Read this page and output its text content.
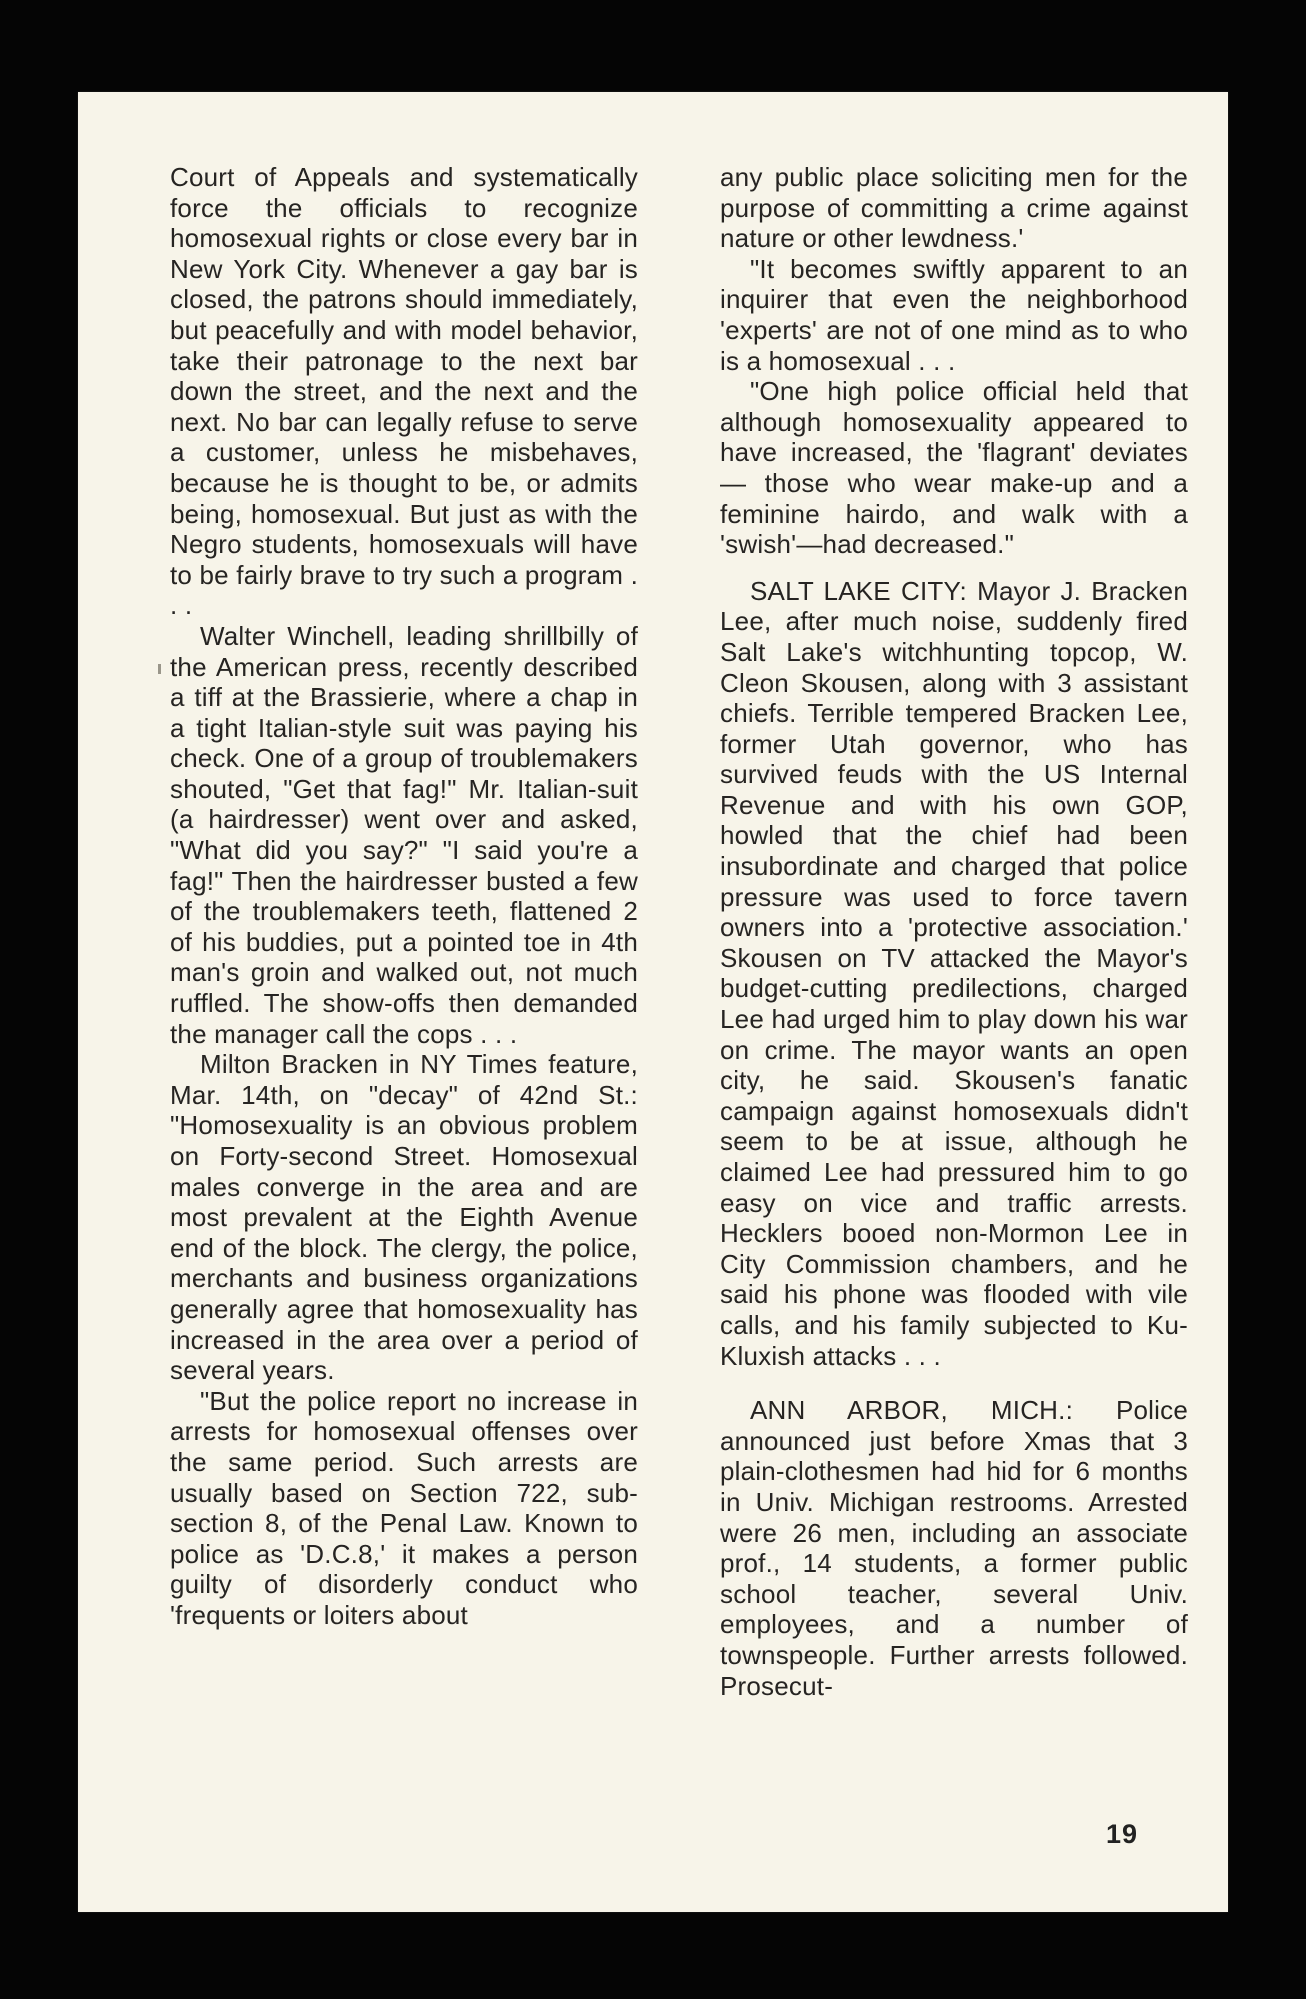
Court of Appeals and systematically force the officials to recognize homosexual rights or close every bar in New York City. Whenever a gay bar is closed, the patrons should immediately, but peacefully and with model behavior, take their patronage to the next bar down the street, and the next and the next. No bar can legally refuse to serve a customer, unless he misbehaves, because he is thought to be, or admits being, homosexual. But just as with the Negro students, homosexuals will have to be fairly brave to try such a program . . .

Walter Winchell, leading shrillbilly of the American press, recently described a tiff at the Brassierie, where a chap in a tight Italian-style suit was paying his check. One of a group of troublemakers shouted, "Get that fag!" Mr. Italian-suit (a hairdresser) went over and asked, "What did you say?" "I said you're a fag!" Then the hairdresser busted a few of the troublemakers teeth, flattened 2 of his buddies, put a pointed toe in 4th man's groin and walked out, not much ruffled. The show-offs then demanded the manager call the cops . . .

Milton Bracken in NY Times feature, Mar. 14th, on "decay" of 42nd St.: "Homosexuality is an obvious problem on Forty-second Street. Homosexual males converge in the area and are most prevalent at the Eighth Avenue end of the block. The clergy, the police, merchants and business organizations generally agree that homosexuality has increased in the area over a period of several years.

"But the police report no increase in arrests for homosexual offenses over the same period. Such arrests are usually based on Section 722, sub-section 8, of the Penal Law. Known to police as 'D.C.8,' it makes a person guilty of disorderly conduct who 'frequents or loiters about

any public place soliciting men for the purpose of committing a crime against nature or other lewdness.'

"It becomes swiftly apparent to an inquirer that even the neighborhood 'experts' are not of one mind as to who is a homosexual . . .

"One high police official held that although homosexuality appeared to have increased, the 'flagrant' deviates — those who wear make-up and a feminine hairdo, and walk with a 'swish'—had decreased."

SALT LAKE CITY: Mayor J. Bracken Lee, after much noise, suddenly fired Salt Lake's witchhunting topcop, W. Cleon Skousen, along with 3 assistant chiefs. Terrible tempered Bracken Lee, former Utah governor, who has survived feuds with the US Internal Revenue and with his own GOP, howled that the chief had been insubordinate and charged that police pressure was used to force tavern owners into a 'protective association.' Skousen on TV attacked the Mayor's budget-cutting predilections, charged Lee had urged him to play down his war on crime. The mayor wants an open city, he said. Skousen's fanatic campaign against homosexuals didn't seem to be at issue, although he claimed Lee had pressured him to go easy on vice and traffic arrests. Hecklers booed non-Mormon Lee in City Commission chambers, and he said his phone was flooded with vile calls, and his family subjected to Ku-Kluxish attacks . . .

ANN ARBOR, MICH.: Police announced just before Xmas that 3 plain-clothesmen had hid for 6 months in Univ. Michigan restrooms. Arrested were 26 men, including an associate prof., 14 students, a former public school teacher, several Univ. employees, and a number of townspeople. Further arrests followed. Prosecut-

19
